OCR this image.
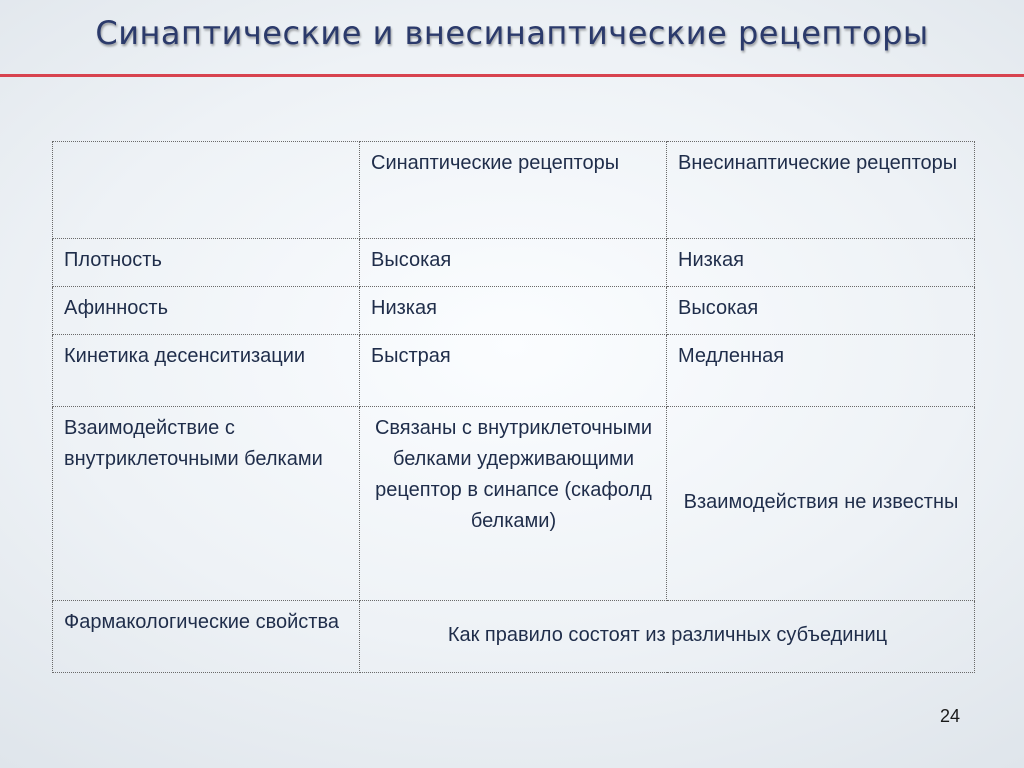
Синаптические и внесинаптические рецепторы
	Синаптические рецепторы	Внесинаптические рецепторы
Плотность	Высокая	Низкая
Афинность	Низкая	Высокая
Кинетика десенситизации	Быстрая	Медленная
Взаимодействие с внутриклеточными белками	Связаны с внутриклеточными белками удерживающими рецептор в синапсе (скафолд белками)	Взаимодействия не известны
Фармакологические свойства	Как правило состоят из различных субъединиц	
24
